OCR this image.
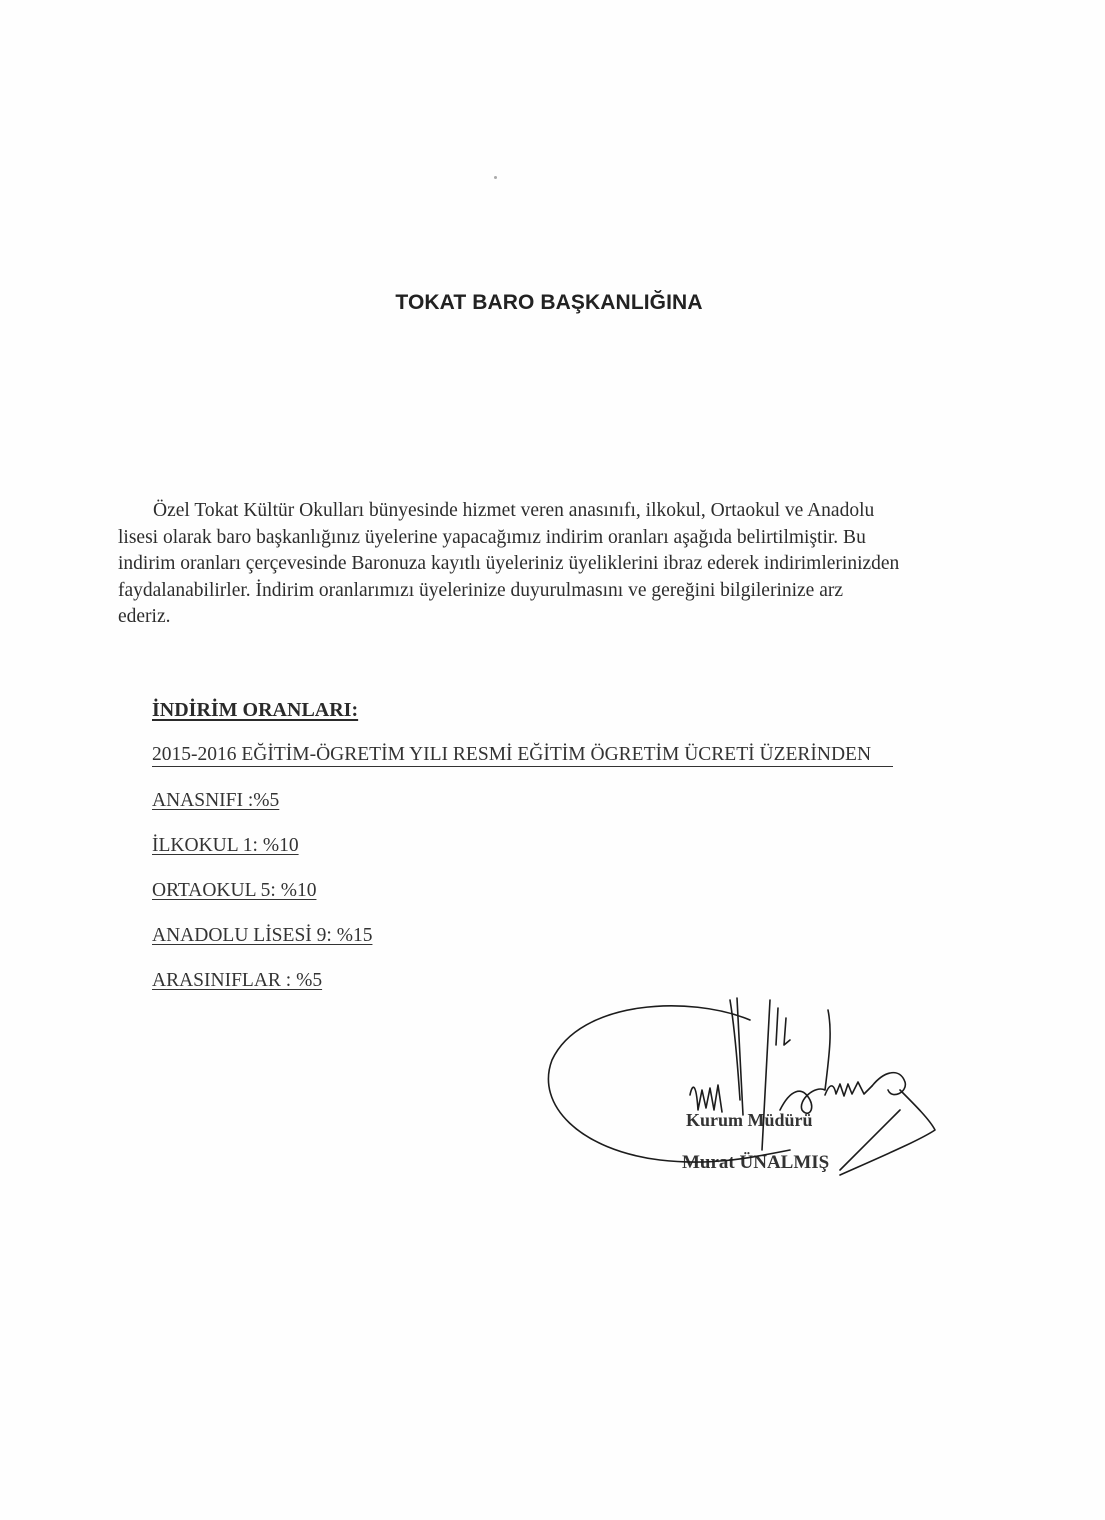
TOKAT BARO BAŞKANLIĞINA
Özel Tokat Kültür Okulları bünyesinde hizmet veren anasınıfı, ilkokul, Ortaokul ve Anadolu
lisesi olarak baro başkanlığınız üyelerine yapacağımız indirim oranları aşağıda belirtilmiştir. Bu
indirim oranları çerçevesinde Baronuza kayıtlı üyeleriniz üyeliklerini ibraz ederek indirimlerinizden
faydalanabilirler. İndirim oranlarımızı üyelerinize duyurulmasını ve gereğini bilgilerinize arz
ederiz.
İNDİRİM ORANLARI:
2015-2016 EĞİTİM-ÖGRETİM YILI RESMİ EĞİTİM ÖGRETİM ÜCRETİ ÜZERİNDEN
ANASNIFI :%5
İLKOKUL 1: %10
ORTAOKUL 5: %10
ANADOLU LİSESİ 9: %15
ARASINIFLAR : %5
Kurum Müdürü
Murat ÜNALMIŞ
